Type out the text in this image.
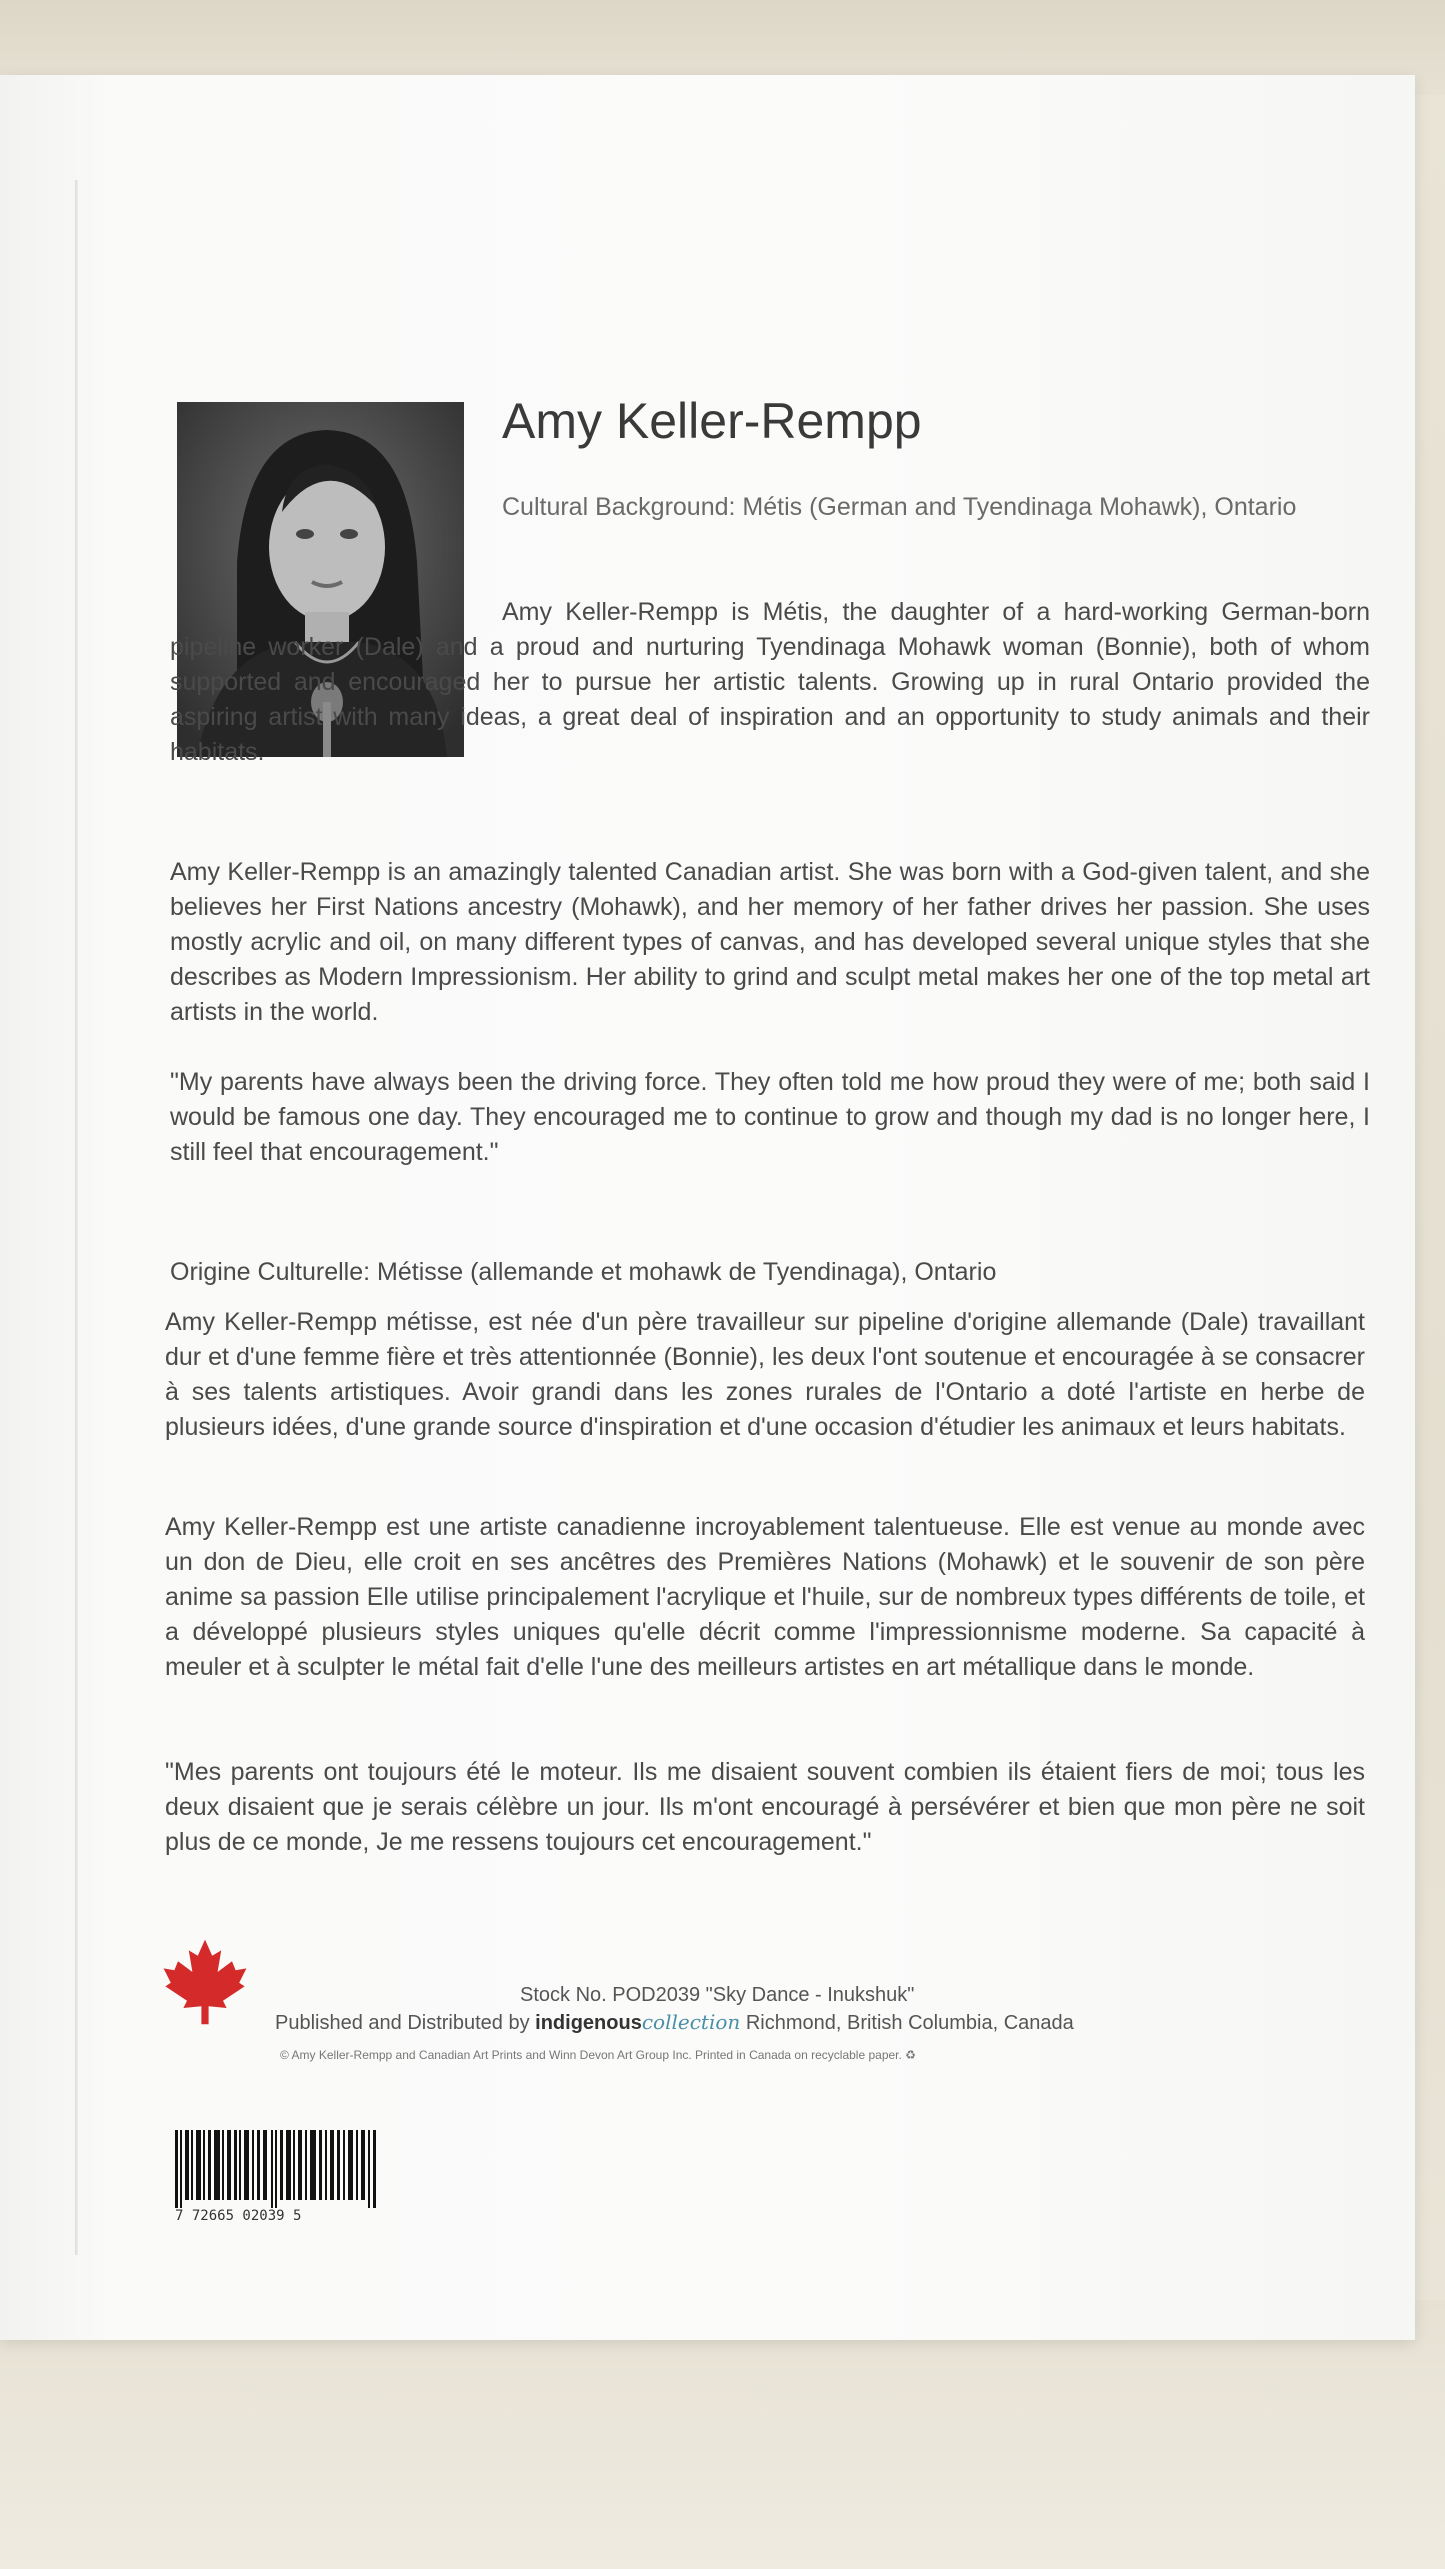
Amy Keller-Rempp

Cultural Background: Métis (German and Tyendinaga Mohawk), Ontario

Amy Keller-Rempp is Métis, the daughter of a hard-working German-born pipeline worker (Dale) and a proud and nurturing Tyendinaga Mohawk woman (Bonnie), both of whom supported and encouraged her to pursue her artistic talents. Growing up in rural Ontario provided the aspiring artist with many ideas, a great deal of inspiration and an opportunity to study animals and their habitats.

Amy Keller-Rempp is an amazingly talented Canadian artist. She was born with a God-given talent, and she believes her First Nations ancestry (Mohawk), and her memory of her father drives her passion. She uses mostly acrylic and oil, on many different types of canvas, and has developed several unique styles that she describes as Modern Impressionism. Her ability to grind and sculpt metal makes her one of the top metal art artists in the world.

"My parents have always been the driving force. They often told me how proud they were of me; both said I would be famous one day. They encouraged me to continue to grow and though my dad is no longer here, I still feel that encouragement."

Origine Culturelle: Métisse (allemande et mohawk de Tyendinaga), Ontario

Amy Keller-Rempp métisse, est née d'un père travailleur sur pipeline d'origine allemande (Dale) travaillant dur et d'une femme fière et très attentionnée (Bonnie), les deux l'ont soutenue et encouragée à se consacrer à ses talents artistiques. Avoir grandi dans les zones rurales de l'Ontario a doté l'artiste en herbe de plusieurs idées, d'une grande source d'inspiration et d'une occasion d'étudier les animaux et leurs habitats.

Amy Keller-Rempp est une artiste canadienne incroyablement talentueuse. Elle est venue au monde avec un don de Dieu, elle croit en ses ancêtres des Premières Nations (Mohawk) et le souvenir de son père anime sa passion Elle utilise principalement l'acrylique et l'huile, sur de nombreux types différents de toile, et a développé plusieurs styles uniques qu'elle décrit comme l'impressionnisme moderne. Sa capacité à meuler et à sculpter le métal fait d'elle l'une des meilleurs artistes en art métallique dans le monde.

"Mes parents ont toujours été le moteur. Ils me disaient souvent combien ils étaient fiers de moi; tous les deux disaient que je serais célèbre un jour. Ils m'ont encouragé à persévérer et bien que mon père ne soit plus de ce monde, Je me ressens toujours cet encouragement."

Stock No. POD2039 "Sky Dance - Inukshuk"

Published and Distributed by indigenouscollection Richmond, British Columbia, Canada

© Amy Keller-Rempp and Canadian Art Prints and Winn Devon Art Group Inc. Printed in Canada on recyclable paper. ♻

7 72665 02039 5
